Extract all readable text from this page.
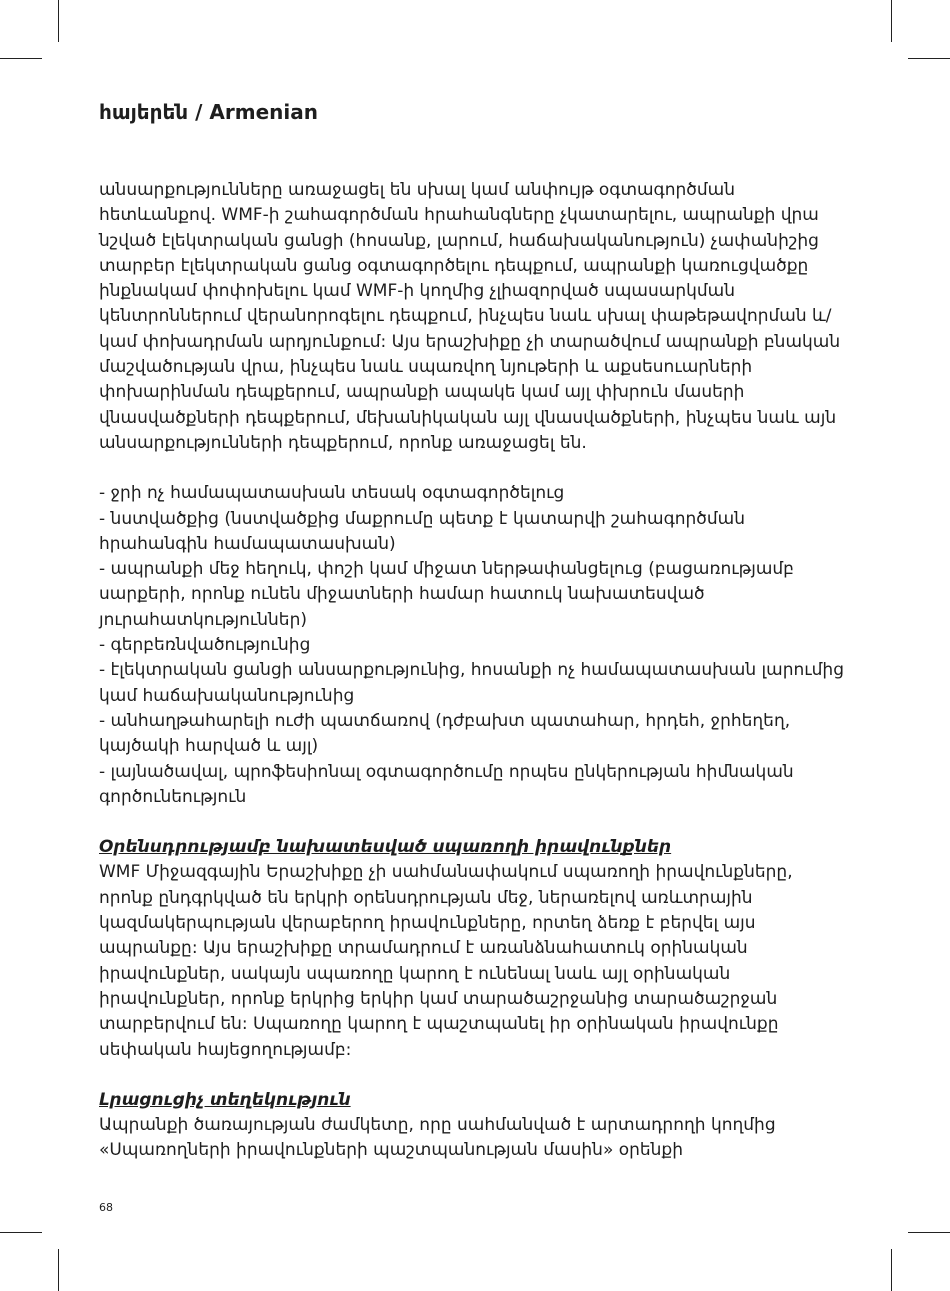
հայերեն / Armenian

անսարքությունները առաջացել են սխալ կամ անփույթ օգտագործման հետևանքով. WMF-ի շահագործման հրահանգները չկատարելու, ապրանքի վրա նշված էլեկտրական ցանցի (հոսանք, լարում, հաճախականություն) չափանիշից տարբեր էլեկտրական ցանց օգտագործելու դեպքում, ապրանքի կառուցվածքը ինքնակամ փոփոխելու կամ WMF-ի կողմից չլիազորված սպասարկման կենտրոններում վերանորոգելու դեպքում, ինչպես նաև սխալ փաթեթավորման և/կամ փոխադրման արդյունքում: Այս երաշխիքը չի տարածվում ապրանքի բնական մաշվածության վրա, ինչպես նաև սպառվող նյութերի և աքսեսուարների փոխարինման դեպքերում, ապրանքի ապակե կամ այլ փխրուն մասերի վնասվածքների դեպքերում, մեխանիկական այլ վնասվածքների, ինչպես նաև այն անսարքությունների դեպքերում, որոնք առաջացել են.

- ջրի ոչ համապատասխան տեսակ օգտագործելուց

- նստվածքից (նստվածքից մաքրումը պետք է կատարվի շահագործման հրահանգին համապատասխան)

- ապրանքի մեջ հեղուկ, փոշի կամ միջատ ներթափանցելուց (բացառությամբ սարքերի, որոնք ունեն միջատների համար հատուկ նախատեսված յուրահատկություններ)

- գերբեռնվածությունից

- էլեկտրական ցանցի անսարքությունից, հոսանքի ոչ համապատասխան լարումից կամ հաճախականությունից

- անհաղթահարելի ուժի պատճառով (դժբախտ պատահար, հրդեհ, ջրհեղեղ, կայծակի հարված և այլ)

- լայնածավալ, պրոֆեսիոնալ օգտագործումը որպես ընկերության հիմնական գործունեություն

Օրենսդրությամբ նախատեսված սպառողի իրավունքներ

WMF Միջազգային Երաշխիքը չի սահմանափակում սպառողի իրավունքները, որոնք ընդգրկված են երկրի օրենսդրության մեջ, ներառելով առևտրային կազմակերպության վերաբերող իրավունքները, որտեղ ձեռք է բերվել այս ապրանքը: Այս երաշխիքը տրամադրում է առանձնահատուկ օրինական իրավունքներ, սակայն սպառողը կարող է ունենալ նաև այլ օրինական իրավունքներ, որոնք երկրից երկիր կամ տարածաշրջանից տարածաշրջան տարբերվում են: Սպառողը կարող է պաշտպանել իր օրինական իրավունքը սեփական հայեցողությամբ:

Լրացուցիչ տեղեկություն

Ապրանքի ծառայության ժամկետը, որը սահմանված է արտադրողի կողմից «Սպառողների իրավունքների պաշտպանության մասին» օրենքի

68
